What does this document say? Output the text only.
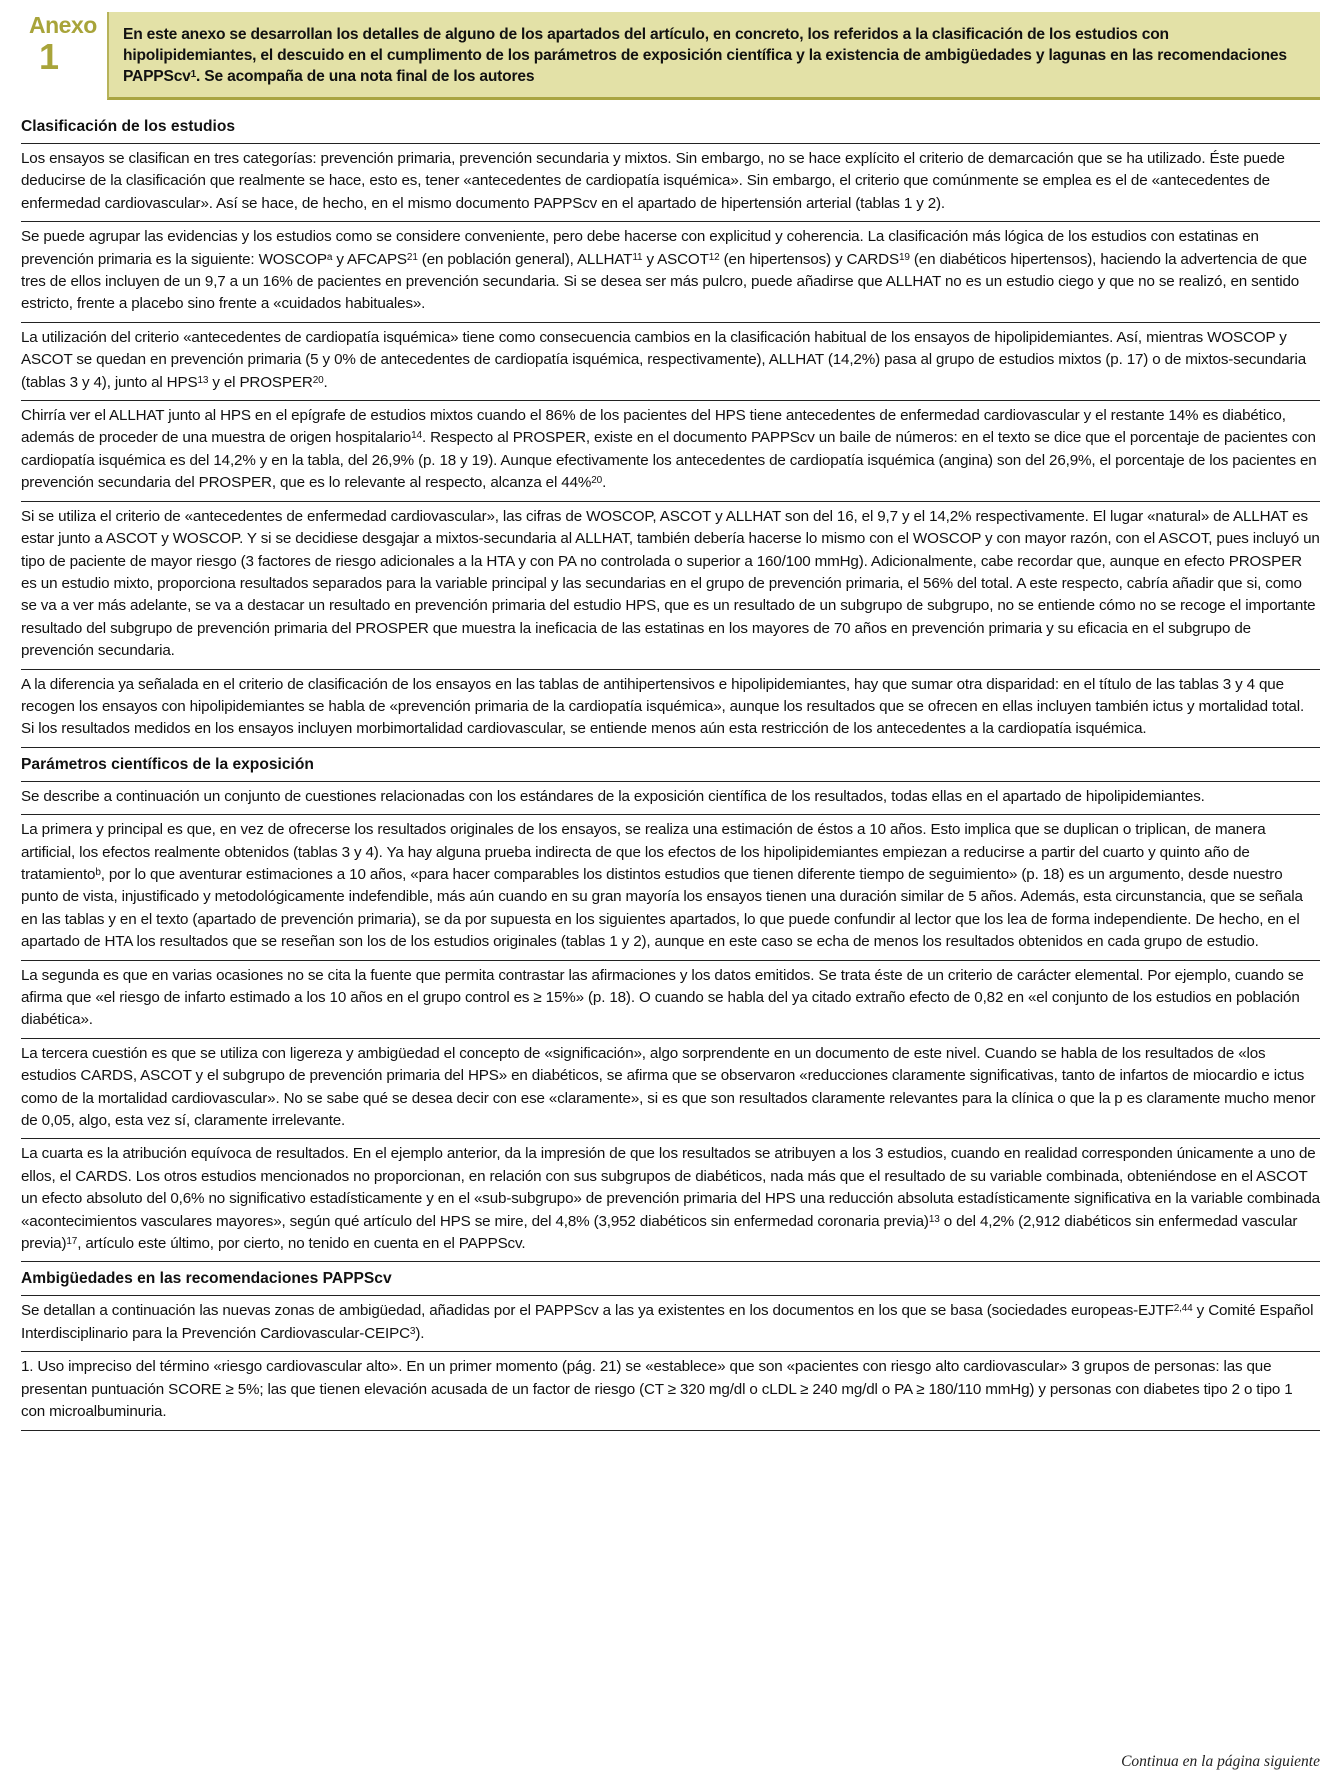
Anexo
1
En este anexo se desarrollan los detalles de alguno de los apartados del artículo, en concreto, los referidos a la clasificación de los estudios con hipolipidemiantes, el descuido en el cumplimento de los parámetros de exposición científica y la existencia de ambigüedades y lagunas en las recomendaciones PAPPScv$^1$. Se acompaña de una nota final de los autores
Clasificación de los estudios
Los ensayos se clasifican en tres categorías: prevención primaria, prevención secundaria y mixtos. Sin embargo, no se hace explícito el criterio de demarcación que se ha utilizado. Éste puede deducirse de la clasificación que realmente se hace, esto es, tener «antecedentes de cardiopatía isquémica». Sin embargo, el criterio que comúnmente se emplea es el de «antecedentes de enfermedad cardiovascular». Así se hace, de hecho, en el mismo documento PAPPScv en el apartado de hipertensión arterial (tablas 1 y 2).
Se puede agrupar las evidencias y los estudios como se considere conveniente, pero debe hacerse con explicitud y coherencia. La clasificación más lógica de los estudios con estatinas en prevención primaria es la siguiente: WOSCOP$^a$ y AFCAPS$^{21}$ (en población general), ALLHAT$^{11}$ y ASCOT$^{12}$ (en hipertensos) y CARDS$^{19}$ (en diabéticos hipertensos), haciendo la advertencia de que tres de ellos incluyen de un 9,7 a un 16% de pacientes en prevención secundaria. Si se desea ser más pulcro, puede añadirse que ALLHAT no es un estudio ciego y que no se realizó, en sentido estricto, frente a placebo sino frente a «cuidados habituales».
La utilización del criterio «antecedentes de cardiopatía isquémica» tiene como consecuencia cambios en la clasificación habitual de los ensayos de hipolipidemiantes. Así, mientras WOSCOP y ASCOT se quedan en prevención primaria (5 y 0% de antecedentes de cardiopatía isquémica, respectivamente), ALLHAT (14,2%) pasa al grupo de estudios mixtos (p. 17) o de mixtos-secundaria (tablas 3 y 4), junto al HPS$^{13}$ y el PROSPER$^{20}$.
Chirría ver el ALLHAT junto al HPS en el epígrafe de estudios mixtos cuando el 86% de los pacientes del HPS tiene antecedentes de enfermedad cardiovascular y el restante 14% es diabético, además de proceder de una muestra de origen hospitalario$^{14}$. Respecto al PROSPER, existe en el documento PAPPScv un baile de números: en el texto se dice que el porcentaje de pacientes con cardiopatía isquémica es del 14,2% y en la tabla, del 26,9% (p. 18 y 19). Aunque efectivamente los antecedentes de cardiopatía isquémica (angina) son del 26,9%, el porcentaje de los pacientes en prevención secundaria del PROSPER, que es lo relevante al respecto, alcanza el 44%$^{20}$.
Si se utiliza el criterio de «antecedentes de enfermedad cardiovascular», las cifras de WOSCOP, ASCOT y ALLHAT son del 16, el 9,7 y el 14,2% respectivamente. El lugar «natural» de ALLHAT es estar junto a ASCOT y WOSCOP. Y si se decidiese desgajar a mixtos-secundaria al ALLHAT, también debería hacerse lo mismo con el WOSCOP y con mayor razón, con el ASCOT, pues incluyó un tipo de paciente de mayor riesgo (3 factores de riesgo adicionales a la HTA y con PA no controlada o superior a 160/100 mmHg). Adicionalmente, cabe recordar que, aunque en efecto PROSPER es un estudio mixto, proporciona resultados separados para la variable principal y las secundarias en el grupo de prevención primaria, el 56% del total. A este respecto, cabría añadir que si, como se va a ver más adelante, se va a destacar un resultado en prevención primaria del estudio HPS, que es un resultado de un subgrupo de subgrupo, no se entiende cómo no se recoge el importante resultado del subgrupo de prevención primaria del PROSPER que muestra la ineficacia de las estatinas en los mayores de 70 años en prevención primaria y su eficacia en el subgrupo de prevención secundaria.
A la diferencia ya señalada en el criterio de clasificación de los ensayos en las tablas de antihipertensivos e hipolipidemiantes, hay que sumar otra disparidad: en el título de las tablas 3 y 4 que recogen los ensayos con hipolipidemiantes se habla de «prevención primaria de la cardiopatía isquémica», aunque los resultados que se ofrecen en ellas incluyen también ictus y mortalidad total. Si los resultados medidos en los ensayos incluyen morbimortalidad cardiovascular, se entiende menos aún esta restricción de los antecedentes a la cardiopatía isquémica.
Parámetros científicos de la exposición
Se describe a continuación un conjunto de cuestiones relacionadas con los estándares de la exposición científica de los resultados, todas ellas en el apartado de hipolipidemiantes.
La primera y principal es que, en vez de ofrecerse los resultados originales de los ensayos, se realiza una estimación de éstos a 10 años. Esto implica que se duplican o triplican, de manera artificial, los efectos realmente obtenidos (tablas 3 y 4). Ya hay alguna prueba indirecta de que los efectos de los hipolipidemiantes empiezan a reducirse a partir del cuarto y quinto año de tratamiento$^b$, por lo que aventurar estimaciones a 10 años, «para hacer comparables los distintos estudios que tienen diferente tiempo de seguimiento» (p. 18) es un argumento, desde nuestro punto de vista, injustificado y metodológicamente indefendible, más aún cuando en su gran mayoría los ensayos tienen una duración similar de 5 años. Además, esta circunstancia, que se señala en las tablas y en el texto (apartado de prevención primaria), se da por supuesta en los siguientes apartados, lo que puede confundir al lector que los lea de forma independiente. De hecho, en el apartado de HTA los resultados que se reseñan son los de los estudios originales (tablas 1 y 2), aunque en este caso se echa de menos los resultados obtenidos en cada grupo de estudio.
La segunda es que en varias ocasiones no se cita la fuente que permita contrastar las afirmaciones y los datos emitidos. Se trata éste de un criterio de carácter elemental. Por ejemplo, cuando se afirma que «el riesgo de infarto estimado a los 10 años en el grupo control es ≥ 15%» (p. 18). O cuando se habla del ya citado extraño efecto de 0,82 en «el conjunto de los estudios en población diabética».
La tercera cuestión es que se utiliza con ligereza y ambigüedad el concepto de «significación», algo sorprendente en un documento de este nivel. Cuando se habla de los resultados de «los estudios CARDS, ASCOT y el subgrupo de prevención primaria del HPS» en diabéticos, se afirma que se observaron «reducciones claramente significativas, tanto de infartos de miocardio e ictus como de la mortalidad cardiovascular». No se sabe qué se desea decir con ese «claramente», si es que son resultados claramente relevantes para la clínica o que la p es claramente mucho menor de 0,05, algo, esta vez sí, claramente irrelevante.
La cuarta es la atribución equívoca de resultados. En el ejemplo anterior, da la impresión de que los resultados se atribuyen a los 3 estudios, cuando en realidad corresponden únicamente a uno de ellos, el CARDS. Los otros estudios mencionados no proporcionan, en relación con sus subgrupos de diabéticos, nada más que el resultado de su variable combinada, obteniéndose en el ASCOT un efecto absoluto del 0,6% no significativo estadísticamente y en el «sub-subgrupo» de prevención primaria del HPS una reducción absoluta estadísticamente significativa en la variable combinada «acontecimientos vasculares mayores», según qué artículo del HPS se mire, del 4,8% (3,952 diabéticos sin enfermedad coronaria previa)$^{13}$ o del 4,2% (2,912 diabéticos sin enfermedad vascular previa)$^{17}$, artículo este último, por cierto, no tenido en cuenta en el PAPPScv.
Ambigüedades en las recomendaciones PAPPScv
Se detallan a continuación las nuevas zonas de ambigüedad, añadidas por el PAPPScv a las ya existentes en los documentos en los que se basa (sociedades europeas-EJTF$^{2,44}$ y Comité Español Interdisciplinario para la Prevención Cardiovascular-CEIPC$^3$).
1. Uso impreciso del término «riesgo cardiovascular alto». En un primer momento (pág. 21) se «establece» que son «pacientes con riesgo alto cardiovascular» 3 grupos de personas: las que presentan puntuación SCORE ≥ 5%; las que tienen elevación acusada de un factor de riesgo (CT ≥ 320 mg/dl o cLDL ≥ 240 mg/dl o PA ≥ 180/110 mmHg) y personas con diabetes tipo 2 o tipo 1 con microalbuminuria.
Continua en la página siguiente
